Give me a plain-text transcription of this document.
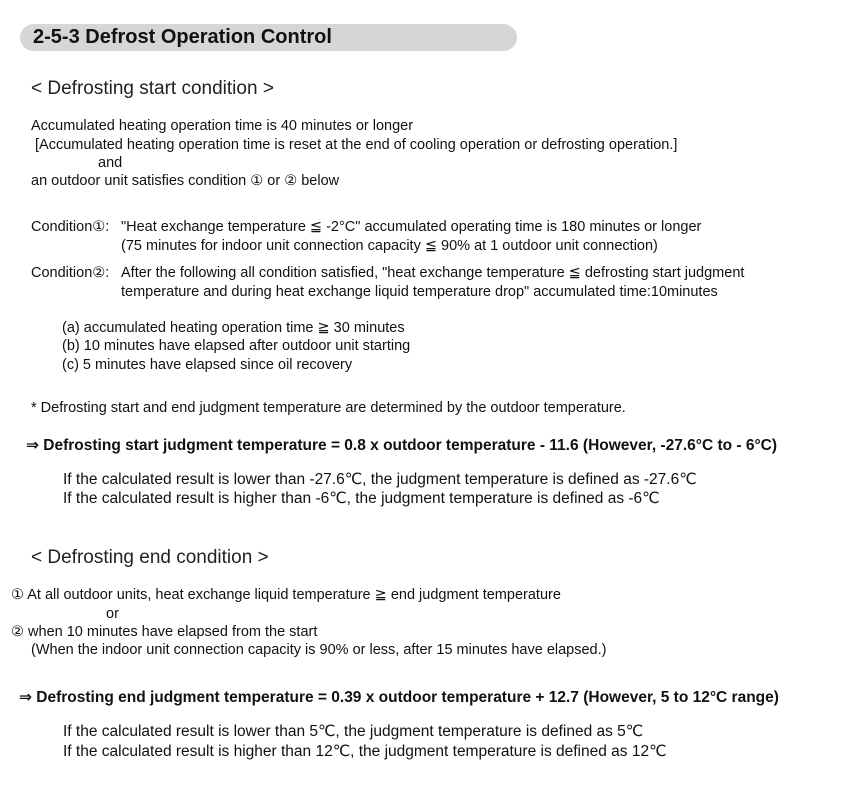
2-5-3 Defrost Operation Control
< Defrosting start condition >
Accumulated heating operation time is 40 minutes or longer
[Accumulated heating operation time is reset at the end of cooling operation or defrosting operation.]
and
an outdoor unit satisfies condition ① or ② below
Condition①: "Heat exchange temperature ≦ -2°C" accumulated operating time is 180 minutes or longer
(75 minutes for indoor unit connection capacity ≦ 90% at 1 outdoor unit connection)
Condition②: After the following all condition satisfied, "heat exchange temperature ≦ defrosting start judgment
temperature and during heat exchange liquid temperature drop" accumulated time:10minutes
(a) accumulated heating operation time ≧ 30 minutes
(b) 10 minutes have elapsed after outdoor unit starting
(c) 5 minutes have elapsed since oil recovery
* Defrosting start and end judgment temperature are determined by the outdoor temperature.
⇒ Defrosting start judgment temperature = 0.8 x outdoor temperature - 11.6 (However, -27.6°C to - 6°C)
If the calculated result is lower than -27.6℃, the judgment temperature is defined as -27.6℃
If the calculated result is higher than -6℃, the judgment temperature is defined as -6℃
< Defrosting end condition >
① At all outdoor units, heat exchange liquid temperature ≧ end judgment temperature
or
② when 10 minutes have elapsed from the start
(When the indoor unit connection capacity is 90% or less, after 15 minutes have elapsed.)
⇒ Defrosting end judgment temperature = 0.39 x outdoor temperature + 12.7 (However, 5 to 12°C range)
If the calculated result is lower than 5℃, the judgment temperature is defined as 5℃
If the calculated result is higher than 12℃, the judgment temperature is defined as 12℃
